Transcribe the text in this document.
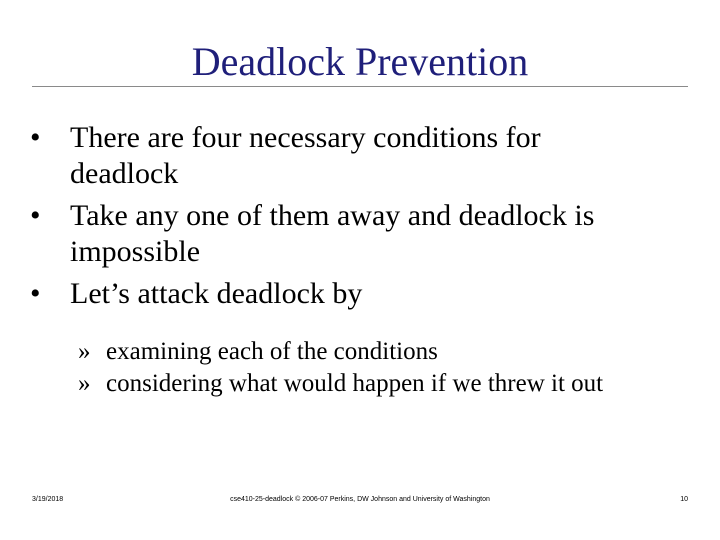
Deadlock Prevention
• There are four necessary conditions for
deadlock
• Take any one of them away and deadlock is
impossible
• Let’s attack deadlock by
» examining each of the conditions
» considering what would happen if we threw it out
3/19/2018	cse410-25-deadlock © 2006-07 Perkins, DW Johnson and University of Washington	10
